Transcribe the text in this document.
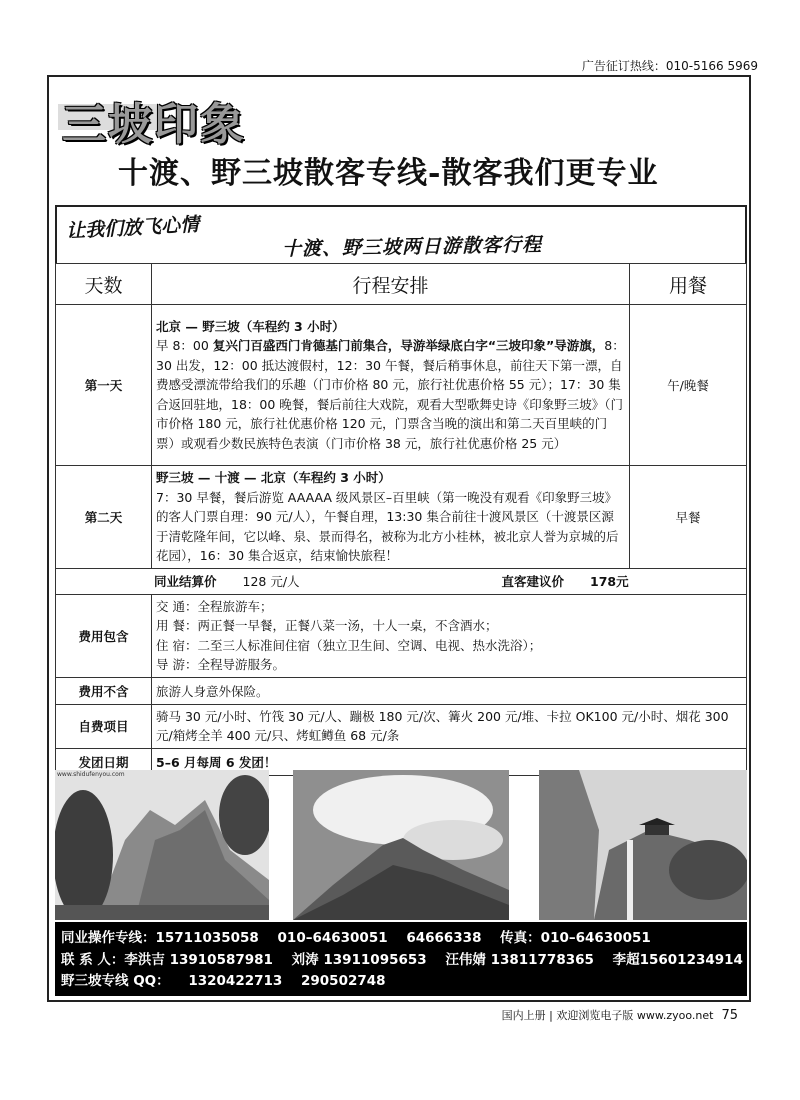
广告征订热线：010-5166 5969
三坡印象
十渡、野三坡散客专线-散客我们更专业
让我们放飞心情
十渡、野三坡两日游散客行程
天数	行程安排	用餐
第一天	北京 — 野三坡（车程约 3 小时）
早 8：00 复兴门百盛西门肯德基门前集合，导游举绿底白字“三坡印象”导游旗，8：30 出发，12：00 抵达渡假村，12：30 午餐，餐后稍事休息，前往天下第一漂，自费感受漂流带给我们的乐趣（门市价格 80 元，旅行社优惠价格 55 元）；17：30 集合返回驻地，18：00 晚餐，餐后前往大戏院，观看大型歌舞史诗《印象野三坡》（门市价格 180 元，旅行社优惠价格 120 元，门票含当晚的演出和第二天百里峡的门票）或观看少数民族特色表演（门市价格 38 元，旅行社优惠价格 25 元）	午/晚餐
第二天	野三坡 — 十渡 — 北京（车程约 3 小时）
7：30 早餐，餐后游览 AAAAA 级风景区–百里峡（第一晚没有观看《印象野三坡》的客人门票自理：90 元/人），午餐自理，13:30 集合前往十渡风景区（十渡景区源于清乾隆年间，它以峰、泉、景而得名，被称为北方小桂林，被北京人誉为京城的后花园），16：30 集合返京，结束愉快旅程！	早餐
同业结算价 128 元/人 直客建议价 178元		
费用包含	交 通：全程旅游车；
用 餐：两正餐一早餐，正餐八菜一汤，十人一桌，不含酒水；
住 宿：二至三人标准间住宿（独立卫生间、空调、电视、热水洗浴）；
导 游：全程导游服务。	

费用不含	旅游人身意外保险。	
自费项目	骑马 30 元/小时、竹筏 30 元/人、蹦极 180 元/次、篝火 200 元/堆、卡拉 OK100 元/小时、烟花 300 元/箱烤全羊 400 元/只、烤虹鳟鱼 68 元/条	
发团日期	5–6 月每周 6 发团！	
www.shidufenyou.com
同业操作专线：15711035058 010–64630051 64666338 传真：010–64630051
联 系 人：李洪吉 13910587981 刘涛 13911095653 汪伟婧 13811778365 李超15601234914
野三坡专线 QQ： 1320422713 290502748
国内上册 | 欢迎浏览电子版 www.zyoo.net 75
